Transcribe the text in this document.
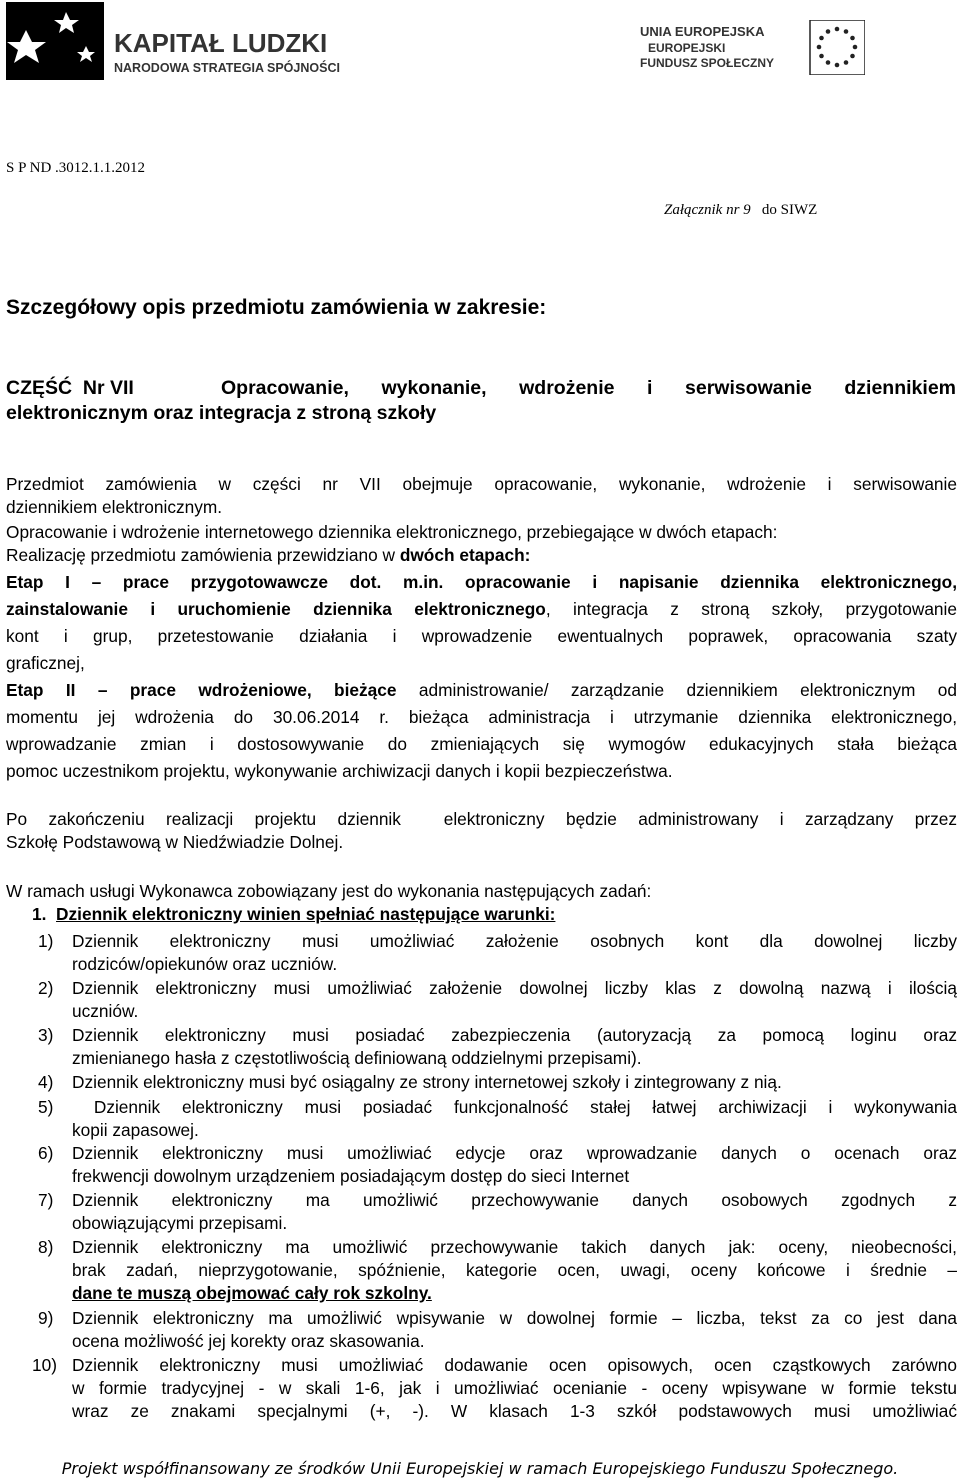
KAPITAŁ LUDZKI
NARODOWA STRATEGIA SPÓJNOŚCI
UNIA EUROPEJSKA
EUROPEJSKI
FUNDUSZ SPOŁECZNY
S P ND .3012.1.1.2012
Załącznik nr 9 do SIWZ
Szczegółowy opis przedmiotu zamówienia w zakresie:
CZĘŚĆ  Nr VII	Opracowanie, wykonanie, wdrożenie i serwisowanie dziennikiem
elektronicznym oraz integracja z stroną szkoły
Przedmiot zamówienia w części nr VII obejmuje opracowanie, wykonanie, wdrożenie i serwisowanie
dziennikiem elektronicznym.
Opracowanie i wdrożenie internetowego dziennika elektronicznego, przebiegające w dwóch etapach:
Realizację przedmiotu zamówienia przewidziano w dwóch etapach:
Etap I – prace przygotowawcze dot. m.in. opracowanie i napisanie dziennika elektronicznego,
zainstalowanie i uruchomienie dziennika elektronicznego, integracja z stroną szkoły, przygotowanie
kont i grup, przetestowanie działania i wprowadzenie ewentualnych poprawek, opracowania szaty
graficznej,
Etap II – prace wdrożeniowe, bieżące administrowanie/ zarządzanie dziennikiem elektronicznym od
momentu jej wdrożenia do 30.06.2014 r. bieżąca administracja i utrzymanie dziennika elektronicznego,
wprowadzanie zmian i dostosowywanie do zmieniających się wymogów edukacyjnych stała bieżąca
pomoc uczestnikom projektu, wykonywanie archiwizacji danych i kopii bezpieczeństwa.
Po zakończeniu realizacji projektu dziennik  elektroniczny będzie administrowany i zarządzany przez
Szkołę Podstawową w Niedźwiadzie Dolnej.
W ramach usługi Wykonawca zobowiązany jest do wykonania następujących zadań:
1. Dziennik elektroniczny winien spełniać następujące warunki:
1) Dziennik elektroniczny musi umożliwiać założenie osobnych kont dla dowolnej liczby
rodziców/opiekunów oraz uczniów.
2) Dziennik elektroniczny musi umożliwiać założenie dowolnej liczby klas z dowolną nazwą i ilością
uczniów.
3) Dziennik elektroniczny musi posiadać zabezpieczenia (autoryzacją za pomocą loginu oraz
zmienianego hasła z częstotliwością definiowaną oddzielnymi przepisami).
4) Dziennik elektroniczny musi być osiągalny ze strony internetowej szkoły i zintegrowany z nią.
5) Dziennik elektroniczny musi posiadać funkcjonalność stałej łatwej archiwizacji i wykonywania
kopii zapasowej.
6) Dziennik elektroniczny musi umożliwiać edycje oraz wprowadzanie danych o ocenach oraz
frekwencji dowolnym urządzeniem posiadającym dostęp do sieci Internet
7) Dziennik elektroniczny ma umożliwić przechowywanie danych osobowych zgodnych z
obowiązującymi przepisami.
8) Dziennik elektroniczny ma umożliwić przechowywanie takich danych jak: oceny, nieobecności,
brak zadań, nieprzygotowanie, spóźnienie, kategorie ocen, uwagi, oceny końcowe i średnie –
dane te muszą obejmować cały rok szkolny.
9) Dziennik elektroniczny ma umożliwić wpisywanie w dowolnej formie – liczba, tekst za co jest dana
ocena możliwość jej korekty oraz skasowania.
10) Dziennik elektroniczny musi umożliwiać dodawanie ocen opisowych, ocen cząstkowych zarówno
w formie tradycyjnej - w skali 1-6, jak i umożliwiać ocenianie - oceny wpisywane w formie tekstu
wraz ze znakami specjalnymi (+, -). W klasach 1-3 szkół podstawowych musi umożliwiać
Projekt współfinansowany ze środków Unii Europejskiej w ramach Europejskiego Funduszu Społecznego.
